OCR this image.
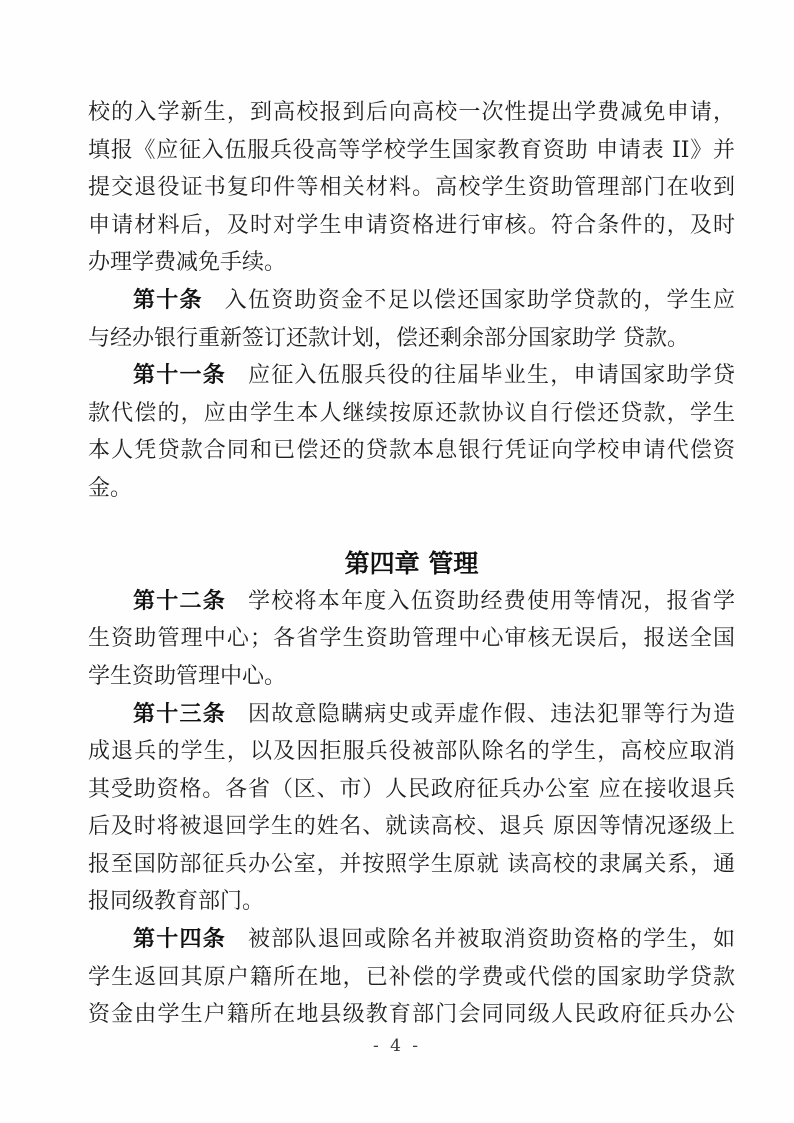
校的入学新生，到高校报到后向高校一次性提出学费减免申请，
填报《应征入伍服兵役高等学校学生国家教育资助 申请表 II》并
提交退役证书复印件等相关材料。高校学生资助管理部门在收到
申请材料后，及时对学生申请资格进行审核。符合条件的，及时
办理学费减免手续。
第十条 入伍资助资金不足以偿还国家助学贷款的，学生应
与经办银行重新签订还款计划，偿还剩余部分国家助学 贷款。
第十一条 应征入伍服兵役的往届毕业生，申请国家助学贷
款代偿的，应由学生本人继续按原还款协议自行偿还贷款，学生
本人凭贷款合同和已偿还的贷款本息银行凭证向学校申请代偿资
金。
第四章 管理
第十二条 学校将本年度入伍资助经费使用等情况，报省学
生资助管理中心；各省学生资助管理中心审核无误后，报送全国
学生资助管理中心。
第十三条 因故意隐瞒病史或弄虚作假、违法犯罪等行为造
成退兵的学生，以及因拒服兵役被部队除名的学生，高校应取消
其受助资格。各省（区、市）人民政府征兵办公室 应在接收退兵
后及时将被退回学生的姓名、就读高校、退兵 原因等情况逐级上
报至国防部征兵办公室，并按照学生原就 读高校的隶属关系，通
报同级教育部门。
第十四条 被部队退回或除名并被取消资助资格的学生，如
学生返回其原户籍所在地，已补偿的学费或代偿的国家助学贷款
资金由学生户籍所在地县级教育部门会同同级人民政府征兵办公
- 4 -
